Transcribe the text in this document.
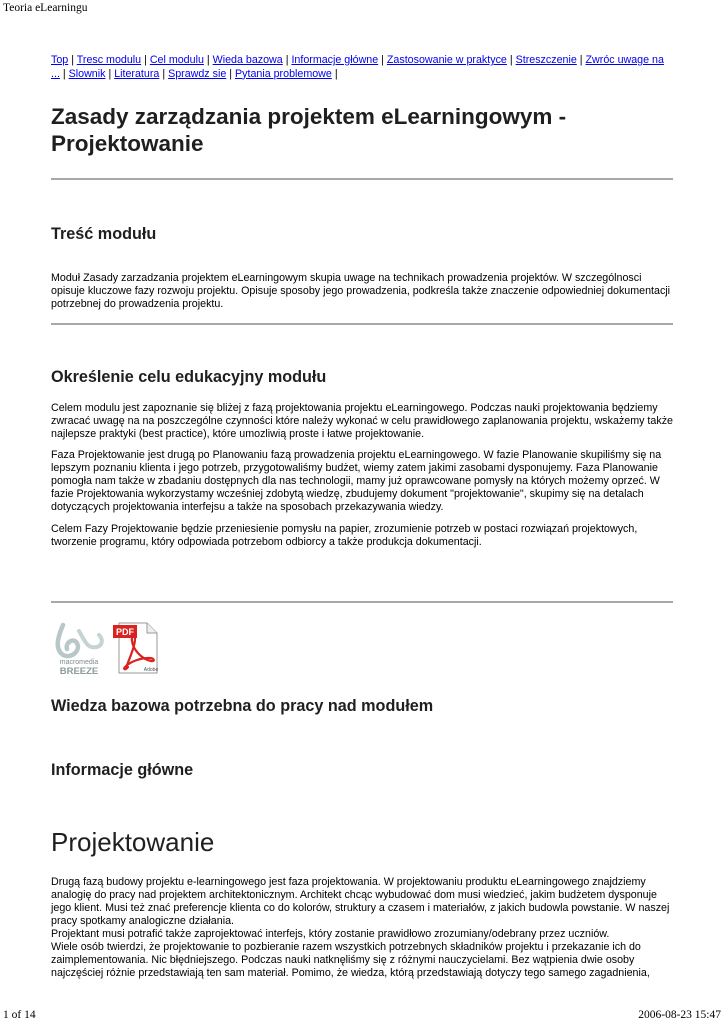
Teoria eLearningu
Top | Tresc modulu | Cel modulu | Wieda bazowa | Informacje główne | Zastosowanie w praktyce | Streszczenie | Zwróc uwage na ... | Slownik | Literatura | Sprawdz sie | Pytania problemowe |
Zasady zarządzania projektem eLearningowym -
Projektowanie
Treść modułu

Moduł Zasady zarzadzania projektem eLearningowym skupia uwage na technikach prowadzenia projektów. W szczególnosci opisuje kluczowe fazy rozwoju projektu. Opisuje sposoby jego prowadzenia, podkreśla także znaczenie odpowiedniej dokumentacji potrzebnej do prowadzenia projektu.

Określenie celu edukacyjny modułu

Celem modulu jest zapoznanie się bliżej z fazą projektowania projektu eLearningowego. Podczas nauki projektowania będziemy zwracać uwagę na na poszczególne czynności które należy wykonać w celu prawidłowego zaplanowania projektu, wskażemy także najlepsze praktyki (best practice), które umozliwią proste i łatwe projektowanie.

Faza Projektowanie jest drugą po Planowaniu fazą prowadzenia projektu eLearningowego. W fazie Planowanie skupiliśmy się na lepszym poznaniu klienta i jego potrzeb, przygotowaliśmy budżet, wiemy zatem jakimi zasobami dysponujemy. Faza Planowanie pomogła nam także w zbadaniu dostępnych dla nas technologii, mamy już oprawcowane pomysły na których możemy oprzeć. W fazie Projektowania wykorzystamy wcześniej zdobytą wiedzę, zbudujemy dokument "projektowanie", skupimy się na detalach dotyczących projektowania interfejsu a także na sposobach przekazywania wiedzy.

Celem Fazy Projektowanie będzie przeniesienie pomysłu na papier, zrozumienie potrzeb w postaci rozwiązań projektowych, tworzenie programu, który odpowiada potrzebom odbiorcy a także produkcja dokumentacji.

macromedia
BREEZE
PDF
Adobe
Wiedza bazowa potrzebna do pracy nad modułem
Informacje główne
Projektowanie

Drugą fazą budowy projektu e-learningowego jest faza projektowania. W projektowaniu produktu eLearningowego znajdziemy analogię do pracy nad projektem architektonicznym. Architekt chcąc wybudować dom musi wiedzieć, jakim budżetem dysponuje jego klient. Musi też znać preferencje klienta co do kolorów, struktury a czasem i materiałów, z jakich budowla powstanie. W naszej pracy spotkamy analogiczne działania.

Projektant musi potrafić także zaprojektować interfejs, który zostanie prawidłowo zrozumiany/odebrany przez uczniów.

Wiele osób twierdzi, że projektowanie to pozbieranie razem wszystkich potrzebnych składników projektu i przekazanie ich do zaimplementowania. Nic błędniejszego. Podczas nauki natknęliśmy się z różnymi nauczycielami. Bez wątpienia dwie osoby najczęściej różnie przedstawiają ten sam materiał. Pomimo, że wiedza, którą przedstawiają dotyczy tego samego zagadnienia,

1 of 14	2006-08-23 15:47
